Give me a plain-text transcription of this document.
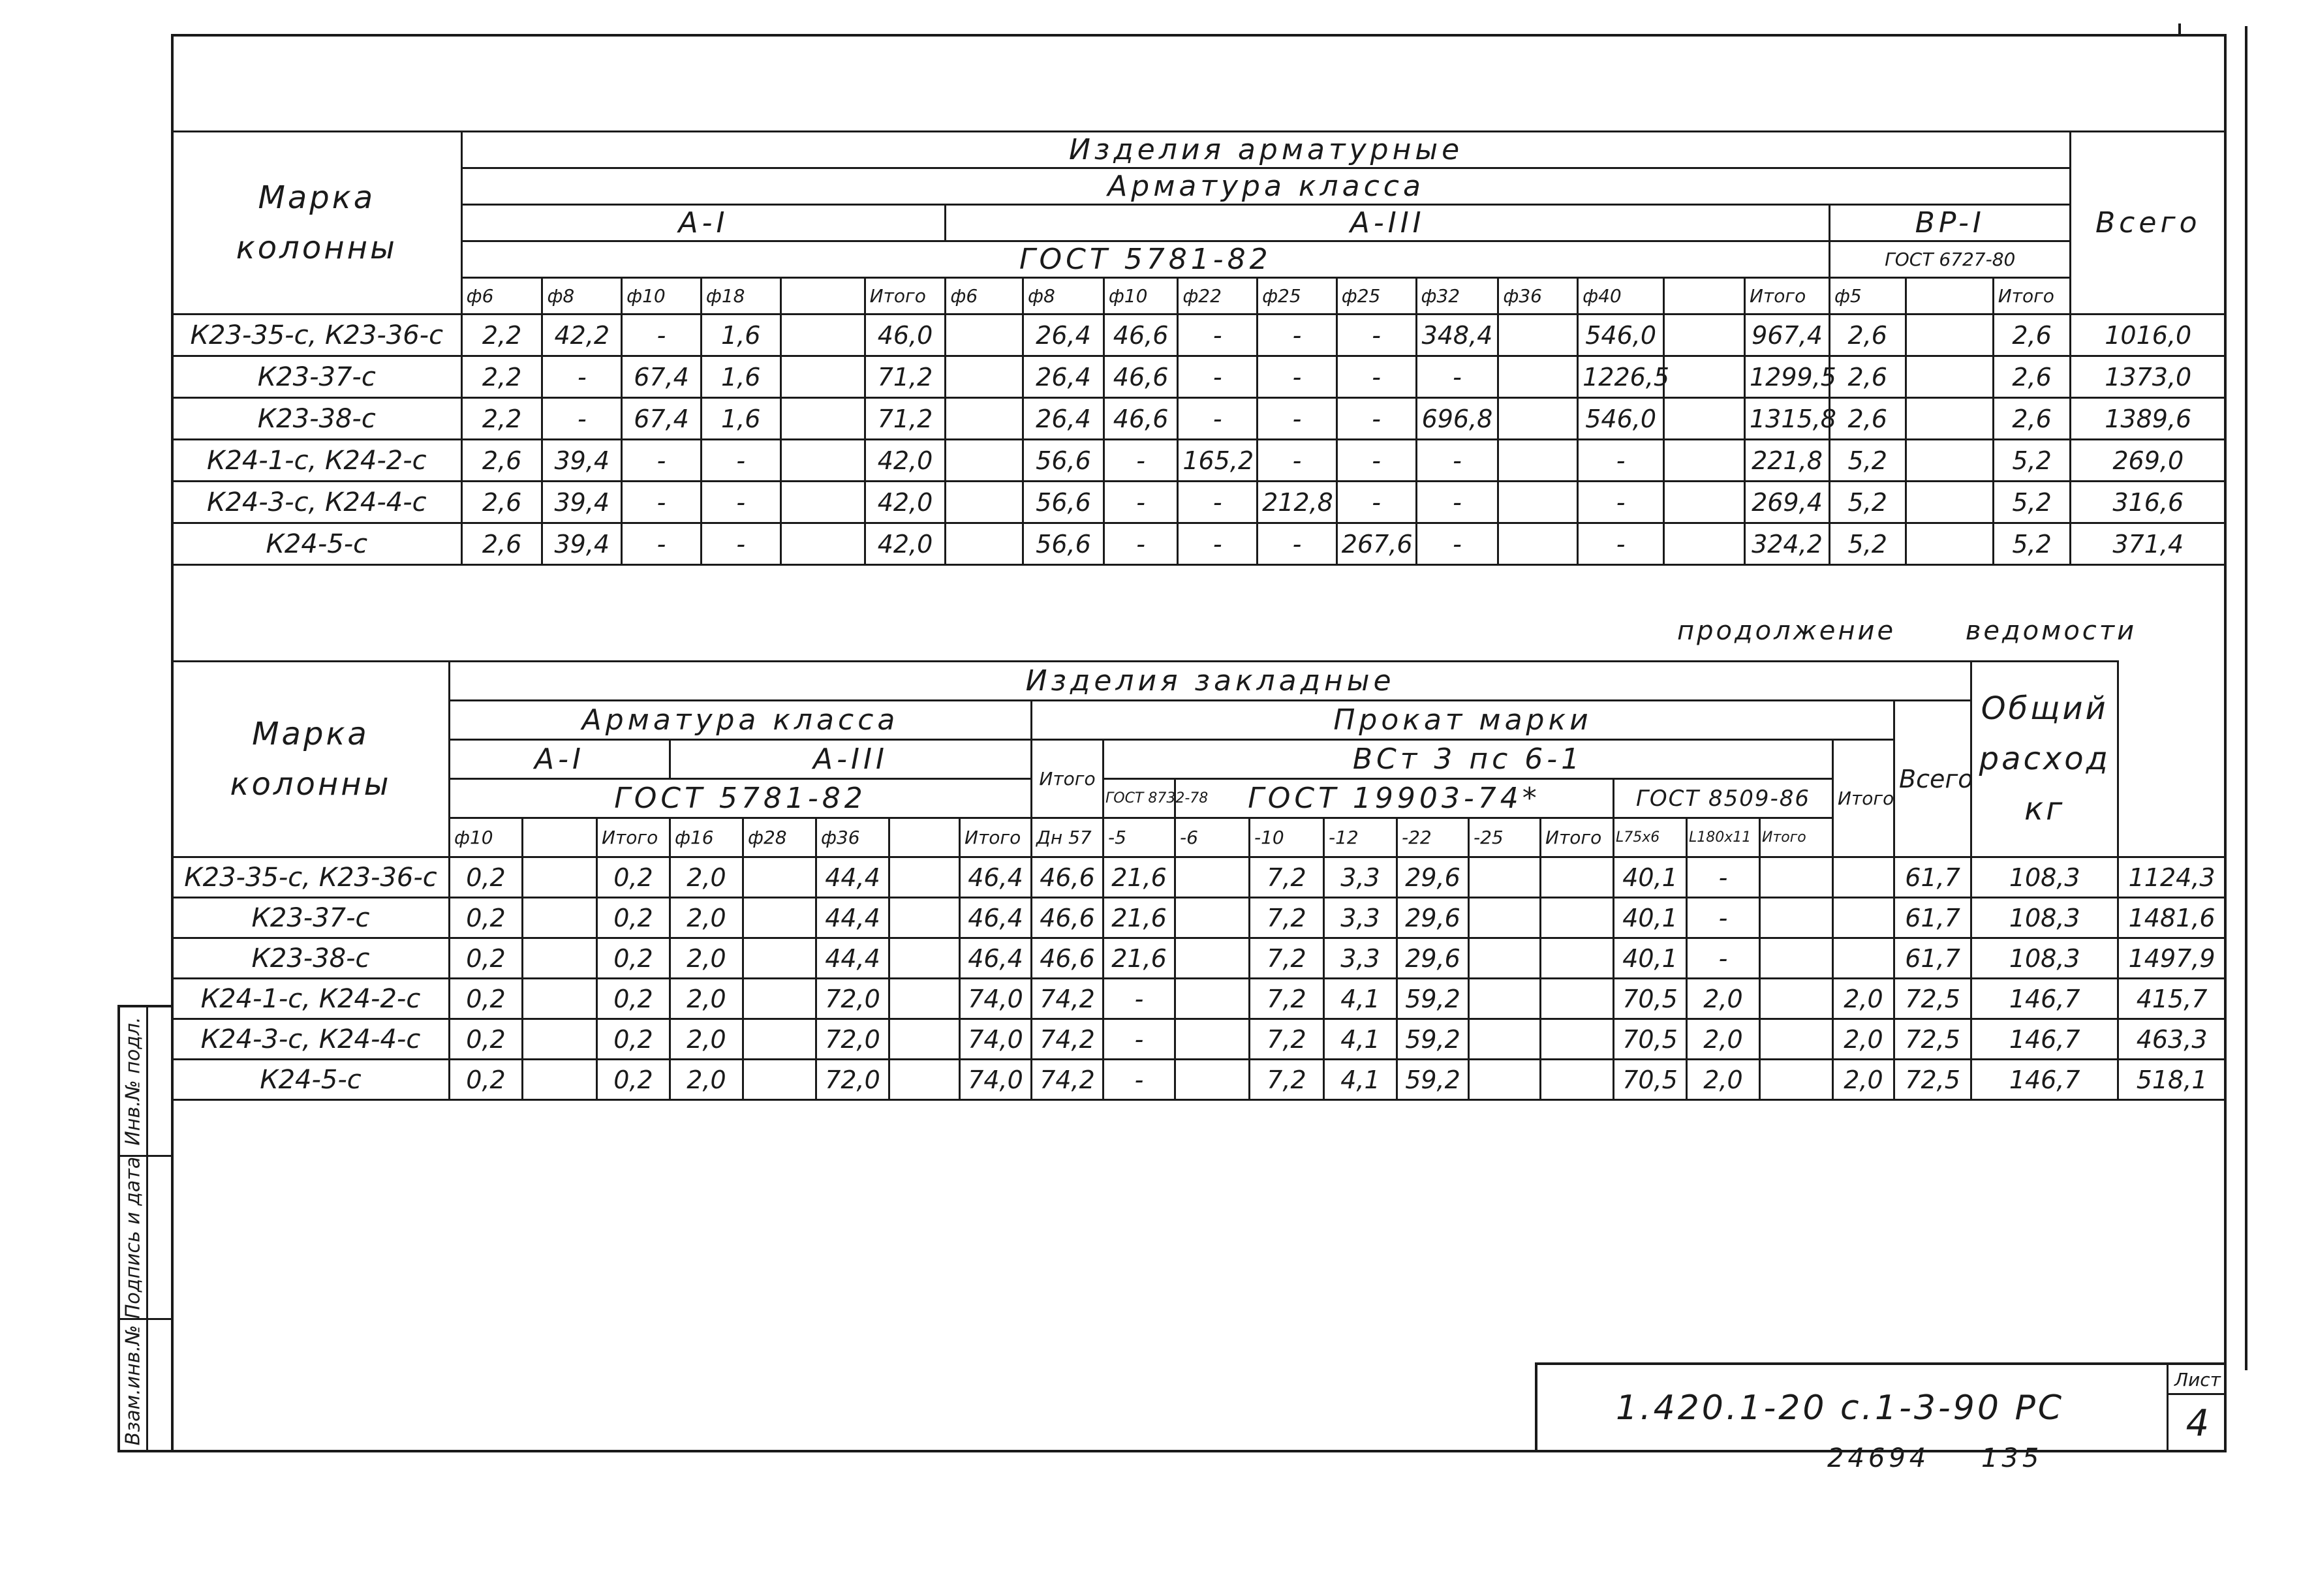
Марка колонны	Изделия арматурные																				Всего
	Арматура класса																				
	A-I						A-III											BP-I			
	ГОСТ 5781-82																	ГОСТ 6727-80			
	ф6	ф8	ф10	ф18		Итого	ф6	ф8	ф10	ф22	ф25	ф25	ф32	ф36	ф40		Итого	ф5		Итого	
К23-35-с, К23-36-с	2,2	42,2	-	1,6		46,0		26,4	46,6	-	-	-	348,4		546,0		967,4	2,6		2,6	1016,0
К23-37-с	2,2	-	67,4	1,6		71,2		26,4	46,6	-	-	-	-		1226,5		1299,5	2,6		2,6	1373,0
К23-38-с	2,2	-	67,4	1,6		71,2		26,4	46,6	-	-	-	696,8		546,0		1315,8	2,6		2,6	1389,6
К24-1-с, К24-2-с	2,6	39,4	-	-		42,0		56,6	-	165,2	-	-	-		-		221,8	5,2		5,2	269,0
К24-3-с, К24-4-с	2,6	39,4	-	-		42,0		56,6	-	-	212,8	-	-		-		269,4	5,2		5,2	316,6
К24-5-с	2,6	39,4	-	-		42,0		56,6	-	-	-	267,6	-		-		324,2	5,2		5,2	371,4
продолжение	ведомости
Марка колонны	Изделия закладные																					Общий расход кг	
	Арматура класса								Прокат марки												Всего		
	A-I			A-III					Итого	ВСт 3 пс 6-1										Итого			
	ГОСТ 5781-82									ГОСТ 8732-78	ГОСТ 19903-74*						ГОСТ 8509-86						
	ф10		Итого	ф16	ф28	ф36		Итого	Дн 57	-5	-6	-10	-12	-22	-25	Итого	L75х6	L180х11	Итого				
К23-35-с, К23-36-с	0,2		0,2	2,0		44,4		46,4	46,6	21,6		7,2	3,3	29,6			40,1	-			61,7	108,3	1124,3
К23-37-с	0,2		0,2	2,0		44,4		46,4	46,6	21,6		7,2	3,3	29,6			40,1	-			61,7	108,3	1481,6
К23-38-с	0,2		0,2	2,0		44,4		46,4	46,6	21,6		7,2	3,3	29,6			40,1	-			61,7	108,3	1497,9
К24-1-с, К24-2-с	0,2		0,2	2,0		72,0		74,0	74,2	-		7,2	4,1	59,2			70,5	2,0		2,0	72,5	146,7	415,7
К24-3-с, К24-4-с	0,2		0,2	2,0		72,0		74,0	74,2	-		7,2	4,1	59,2			70,5	2,0		2,0	72,5	146,7	463,3
К24-5-с	0,2		0,2	2,0		72,0		74,0	74,2	-		7,2	4,1	59,2			70,5	2,0		2,0	72,5	146,7	518,1
Инв.№ подл.
Подпись и дата
Взам.инв.№	1.420.1-20 с.1-3-90 РС
Лист
4
24694 135
